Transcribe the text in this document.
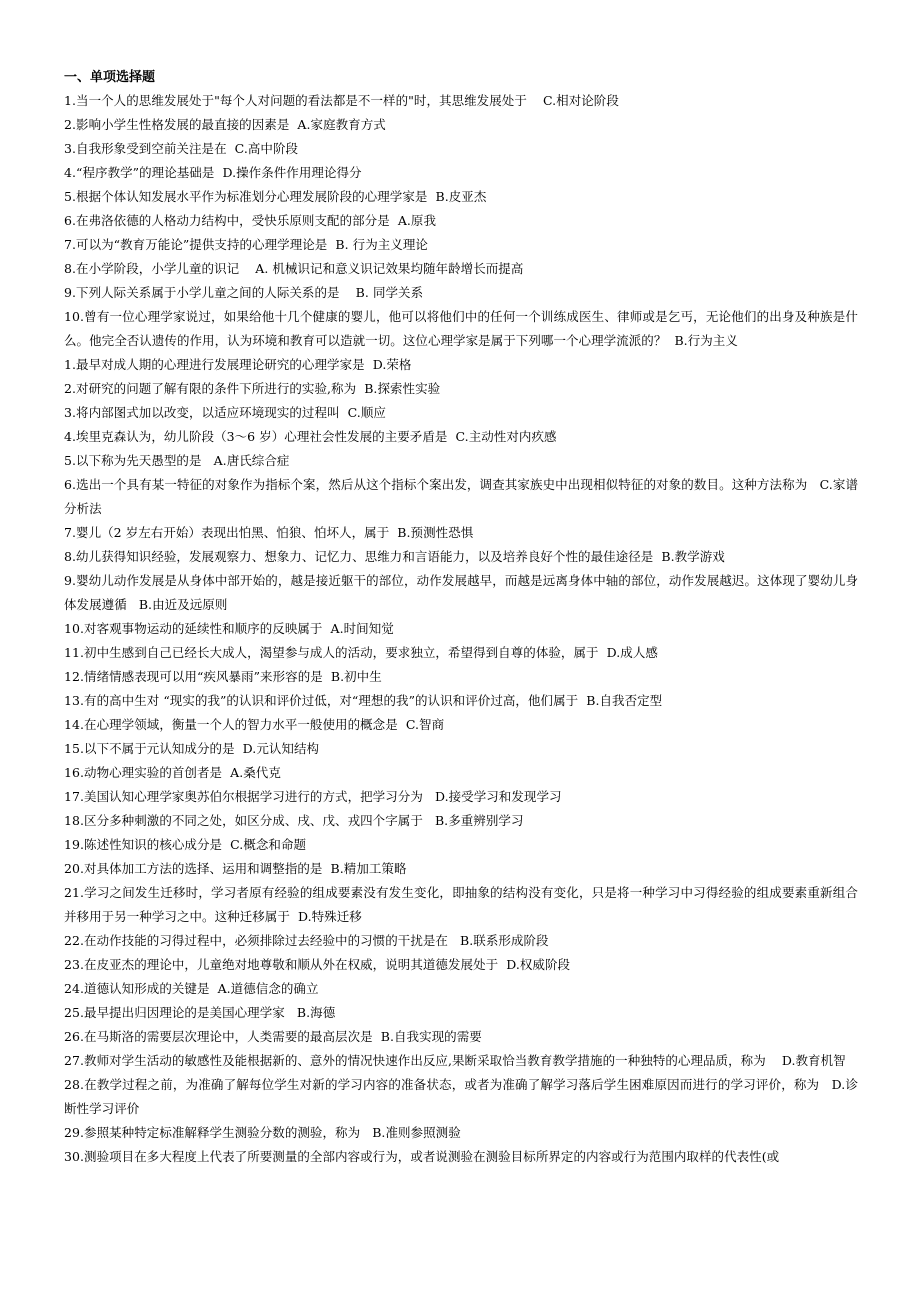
一、单项选择题
1.当一个人的思维发展处于"每个人对问题的看法都是不一样的"时，其思维发展处于    C.相对论阶段
2.影响小学生性格发展的最直接的因素是  A.家庭教育方式
3.自我形象受到空前关注是在  C.高中阶段
4.“程序教学”的理论基础是  D.操作条件作用理论得分
5.根据个体认知发展水平作为标准划分心理发展阶段的心理学家是  B.皮亚杰
6.在弗洛依德的人格动力结构中，受快乐原则支配的部分是  A.原我
7.可以为“教育万能论”提供支持的心理学理论是  B. 行为主义理论
8.在小学阶段，小学儿童的识记    A. 机械识记和意义识记效果均随年龄增长而提高
9.下列人际关系属于小学儿童之间的人际关系的是    B. 同学关系
10.曾有一位心理学家说过，如果给他十几个健康的婴儿，他可以将他们中的任何一个训练成医生、律师或是乞丐，无论他们的出身及种族是什么。他完全否认遗传的作用，认为环境和教育可以造就一切。这位心理学家是属于下列哪一个心理学流派的？  B.行为主义
1.最早对成人期的心理进行发展理论研究的心理学家是  D.荣格
2.对研究的问题了解有限的条件下所进行的实验,称为  B.探索性实验
3.将内部图式加以改变，以适应环境现实的过程叫  C.顺应
4.埃里克森认为，幼儿阶段（3～6 岁）心理社会性发展的主要矛盾是  C.主动性对内疚感
5.以下称为先天愚型的是   A.唐氏综合症
6.选出一个具有某一特征的对象作为指标个案，然后从这个指标个案出发，调查其家族史中出现相似特征的对象的数目。这种方法称为   C.家谱分析法
7.婴儿（2 岁左右开始）表现出怕黑、怕狼、怕坏人，属于  B.预测性恐惧
8.幼儿获得知识经验，发展观察力、想象力、记忆力、思维力和言语能力，以及培养良好个性的最佳途径是  B.教学游戏
9.婴幼儿动作发展是从身体中部开始的，越是接近躯干的部位，动作发展越早，而越是远离身体中轴的部位，动作发展越迟。这体现了婴幼儿身体发展遵循   B.由近及远原则
10.对客观事物运动的延续性和顺序的反映属于  A.时间知觉
11.初中生感到自己已经长大成人，渴望参与成人的活动，要求独立，希望得到自尊的体验，属于  D.成人感
12.情绪情感表现可以用“疾风暴雨”来形容的是  B.初中生
13.有的高中生对 “现实的我”的认识和评价过低，对“理想的我”的认识和评价过高，他们属于  B.自我否定型
14.在心理学领域，衡量一个人的智力水平一般使用的概念是  C.智商
15.以下不属于元认知成分的是  D.元认知结构
16.动物心理实验的首创者是  A.桑代克
17.美国认知心理学家奥苏伯尔根据学习进行的方式，把学习分为   D.接受学习和发现学习
18.区分多种刺激的不同之处，如区分成、戌、戊、戎四个字属于   B.多重辨别学习
19.陈述性知识的核心成分是  C.概念和命题
20.对具体加工方法的选择、运用和调整指的是  B.精加工策略
21.学习之间发生迁移时，学习者原有经验的组成要素没有发生变化，即抽象的结构没有变化，只是将一种学习中习得经验的组成要素重新组合并移用于另一种学习之中。这种迁移属于  D.特殊迁移
22.在动作技能的习得过程中，必须排除过去经验中的习惯的干扰是在   B.联系形成阶段
23.在皮亚杰的理论中，儿童绝对地尊敬和顺从外在权威，说明其道德发展处于  D.权威阶段
24.道德认知形成的关键是  A.道德信念的确立
25.最早提出归因理论的是美国心理学家   B.海德
26.在马斯洛的需要层次理论中，人类需要的最高层次是  B.自我实现的需要
27.教师对学生活动的敏感性及能根据新的、意外的情况快速作出反应,果断采取恰当教育教学措施的一种独特的心理品质，称为    D.教育机智
28.在教学过程之前，为准确了解每位学生对新的学习内容的准备状态，或者为准确了解学习落后学生困难原因而进行的学习评价，称为   D.诊断性学习评价
29.参照某种特定标准解释学生测验分数的测验，称为   B.准则参照测验
30.测验项目在多大程度上代表了所要测量的全部内容或行为，或者说测验在测验目标所界定的内容或行为范围内取样的代表性(或
